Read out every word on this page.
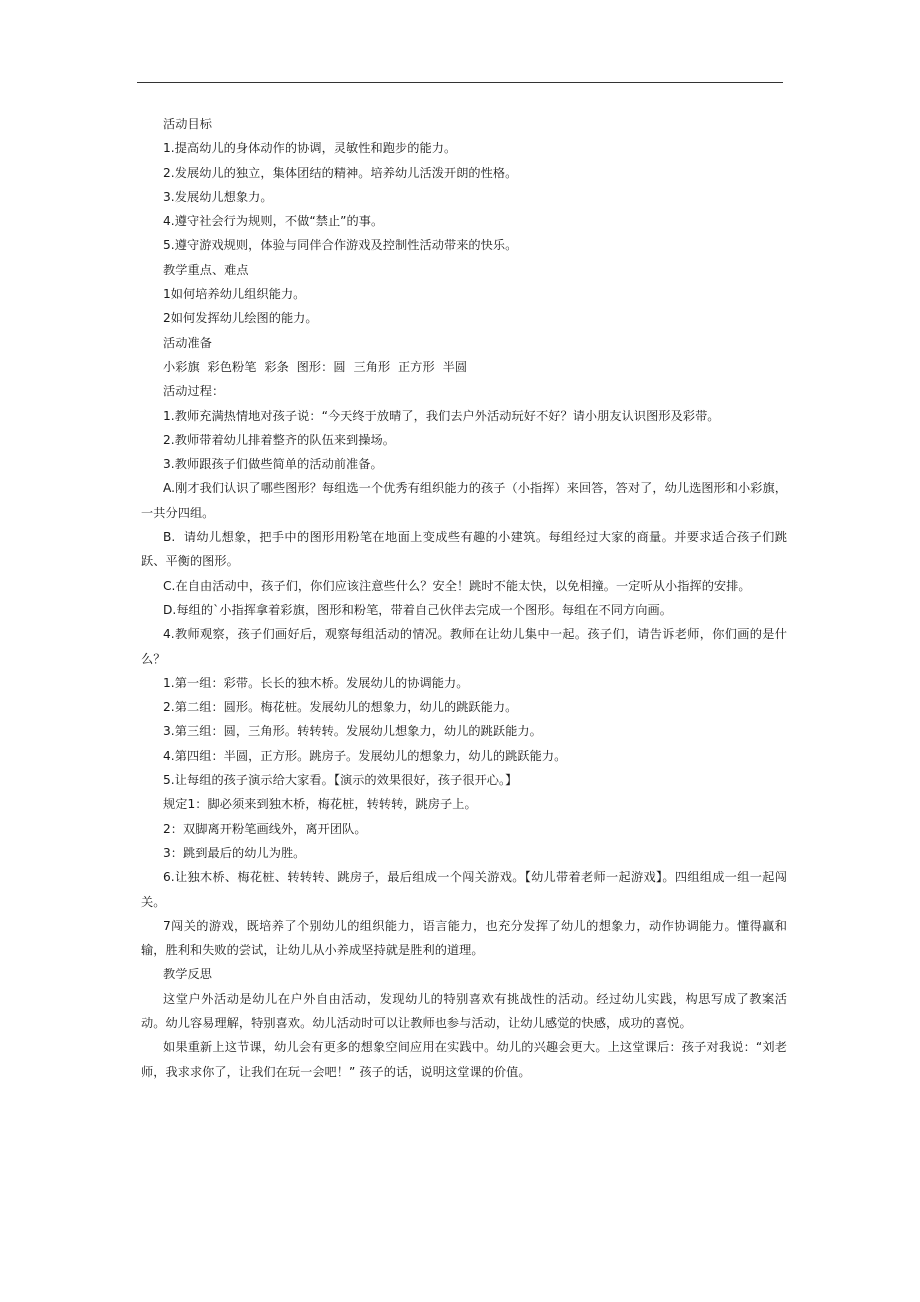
活动目标

1.提高幼儿的身体动作的协调，灵敏性和跑步的能力。

2.发展幼儿的独立，集体团结的精神。培养幼儿活泼开朗的性格。

3.发展幼儿想象力。

4.遵守社会行为规则，不做“禁止”的事。

5.遵守游戏规则，体验与同伴合作游戏及控制性活动带来的快乐。

教学重点、难点

1如何培养幼儿组织能力。

2如何发挥幼儿绘图的能力。

活动准备

小彩旗  彩色粉笔  彩条  图形：圆  三角形  正方形  半圆

活动过程：

1.教师充满热情地对孩子说：“今天终于放晴了，我们去户外活动玩好不好？请小朋友认识图形及彩带。

2.教师带着幼儿排着整齐的队伍来到操场。

3.教师跟孩子们做些简单的活动前准备。

A.刚才我们认识了哪些图形？每组选一个优秀有组织能力的孩子（小指挥）来回答，答对了，幼儿选图形和小彩旗，一共分四组。

B.  请幼儿想象，把手中的图形用粉笔在地面上变成些有趣的小建筑。每组经过大家的商量。并要求适合孩子们跳跃、平衡的图形。

C.在自由活动中，孩子们，你们应该注意些什么？安全！跳时不能太快，以免相撞。一定听从小指挥的安排。

D.每组的`小指挥拿着彩旗，图形和粉笔，带着自己伙伴去完成一个图形。每组在不同方向画。

4.教师观察，孩子们画好后，观察每组活动的情况。教师在让幼儿集中一起。孩子们，请告诉老师，你们画的是什么？

1.第一组：彩带。长长的独木桥。发展幼儿的协调能力。

2.第二组：圆形。梅花桩。发展幼儿的想象力，幼儿的跳跃能力。

3.第三组：圆，三角形。转转转。发展幼儿想象力，幼儿的跳跃能力。

4.第四组：半圆，正方形。跳房子。发展幼儿的想象力，幼儿的跳跃能力。

5.让每组的孩子演示给大家看。【演示的效果很好，孩子很开心。】

规定1：脚必须来到独木桥，梅花桩，转转转，跳房子上。

2：双脚离开粉笔画线外，离开团队。

3：跳到最后的幼儿为胜。

6.让独木桥、梅花桩、转转转、跳房子，最后组成一个闯关游戏。【幼儿带着老师一起游戏】。四组组成一组一起闯关。

7闯关的游戏，既培养了个别幼儿的组织能力，语言能力，也充分发挥了幼儿的想象力，动作协调能力。懂得赢和输，胜利和失败的尝试，让幼儿从小养成坚持就是胜利的道理。

教学反思

这堂户外活动是幼儿在户外自由活动，发现幼儿的特别喜欢有挑战性的活动。经过幼儿实践，构思写成了教案活动。幼儿容易理解，特别喜欢。幼儿活动时可以让教师也参与活动，让幼儿感觉的快感，成功的喜悦。

如果重新上这节课，幼儿会有更多的想象空间应用在实践中。幼儿的兴趣会更大。上这堂课后：孩子对我说：“刘老师，我求求你了，让我们在玩一会吧！” 孩子的话，说明这堂课的价值。
